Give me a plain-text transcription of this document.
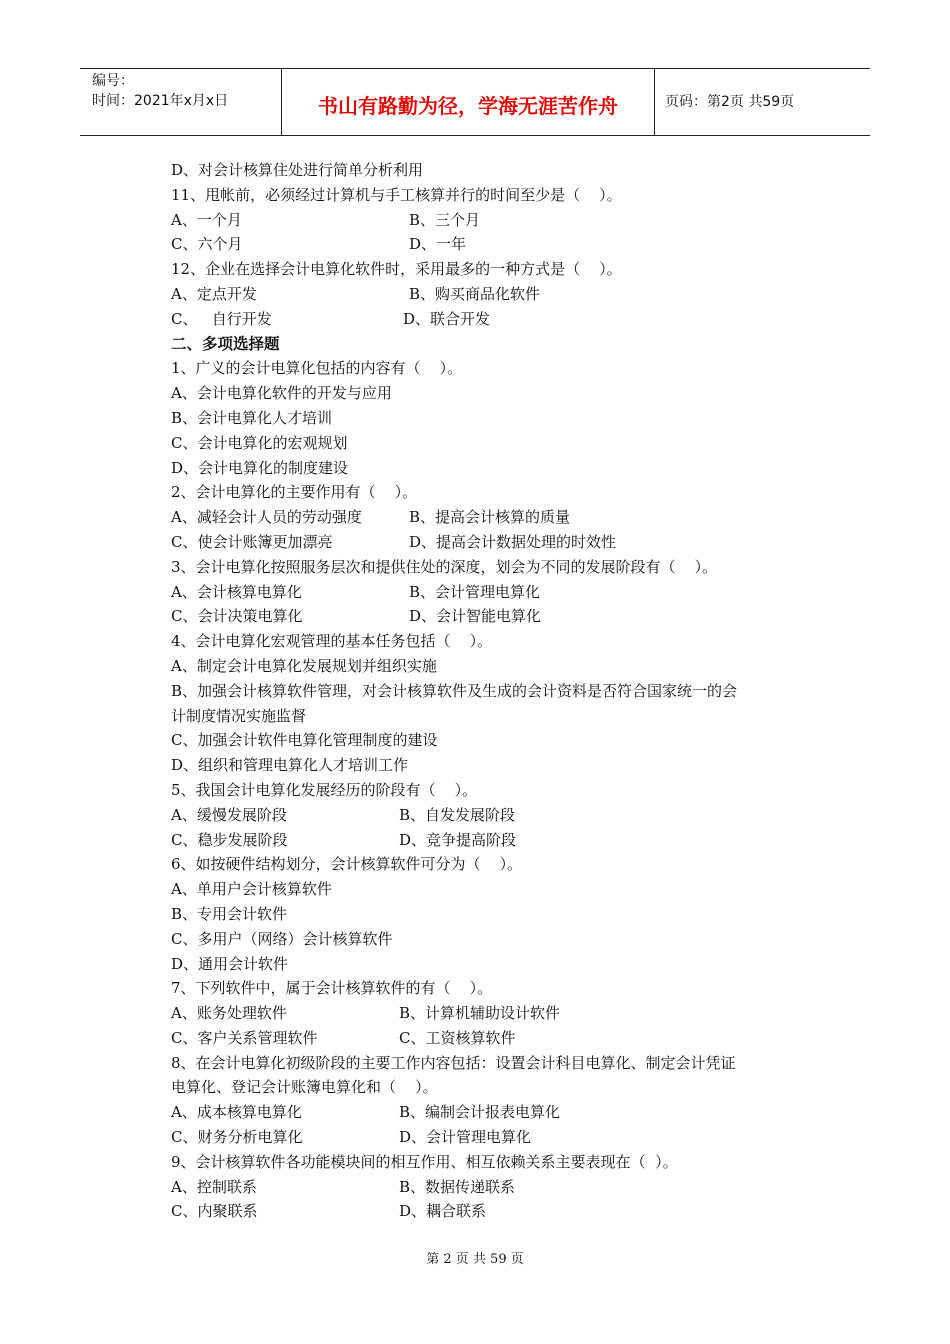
编号：
时间：2021年x月x日	书山有路勤为径，学海无涯苦作舟	页码：第2页 共59页
D、对会计核算住处进行简单分析利用
11、甩帐前，必须经过计算机与手工核算并行的时间至少是（    ）。
A、一个月	B、三个月
C、六个月	D、一年
12、企业在选择会计电算化软件时，采用最多的一种方式是（    ）。
A、定点开发	B、购买商品化软件
C、   自行开发	D、联合开发
二、多项选择题
1、广义的会计电算化包括的内容有（    ）。
A、会计电算化软件的开发与应用
B、会计电算化人才培训
C、会计电算化的宏观规划
D、会计电算化的制度建设
2、会计电算化的主要作用有（    ）。
A、减轻会计人员的劳动强度	B、提高会计核算的质量
C、使会计账簿更加漂亮	D、提高会计数据处理的时效性
3、会计电算化按照服务层次和提供住处的深度，划会为不同的发展阶段有（    ）。
A、会计核算电算化	B、会计管理电算化
C、会计决策电算化	D、会计智能电算化
4、会计电算化宏观管理的基本任务包括（    ）。
A、制定会计电算化发展规划并组织实施
B、加强会计核算软件管理，对会计核算软件及生成的会计资料是否符合国家统一的会
计制度情况实施监督
C、加强会计软件电算化管理制度的建设
D、组织和管理电算化人才培训工作
5、我国会计电算化发展经历的阶段有（    ）。
A、缓慢发展阶段	B、自发发展阶段
C、稳步发展阶段	D、竞争提高阶段
6、如按硬件结构划分，会计核算软件可分为（    ）。
A、单用户会计核算软件
B、专用会计软件
C、多用户（网络）会计核算软件
D、通用会计软件
7、下列软件中，属于会计核算软件的有（    ）。
A、账务处理软件	B、计算机辅助设计软件
C、客户关系管理软件	C、工资核算软件
8、在会计电算化初级阶段的主要工作内容包括：设置会计科目电算化、制定会计凭证
电算化、登记会计账簿电算化和（    ）。
A、成本核算电算化	B、编制会计报表电算化
C、财务分析电算化	D、会计管理电算化
9、会计核算软件各功能模块间的相互作用、相互依赖关系主要表现在（  ）。
A、控制联系	B、数据传递联系
C、内聚联系	D、耦合联系
第 2 页 共 59 页
